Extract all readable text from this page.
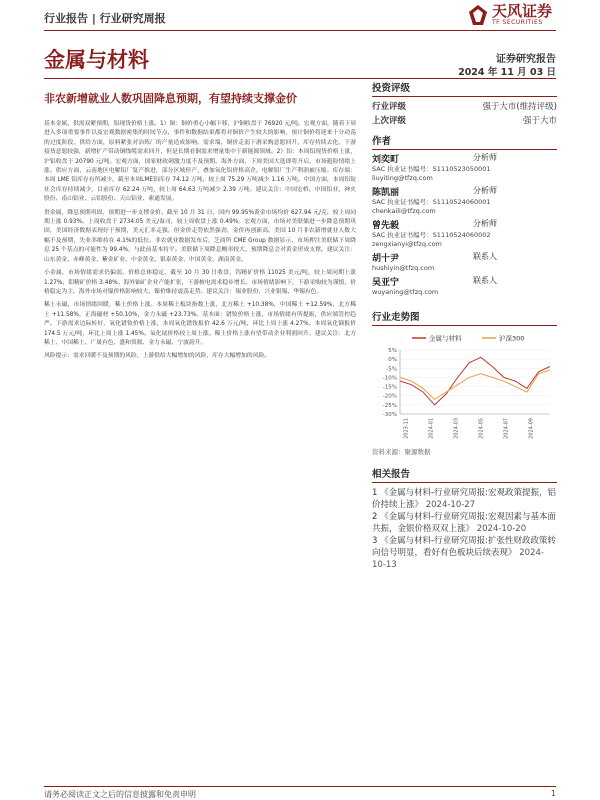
行业报告 | 行业研究周报	天风证券
TF SECURITIES
金属与材料	证券研究报告
2024 年 11 月 03 日
非农新增就业人数巩固降息预期，有望持续支撑金价

基本金属，供需双紧预期，铝现货价格上涨。1）铜：铜价重心小幅下移，沪铜收盘于 76920 元/吨。宏观方面，随着下周进入多项重要事件以及宏观数据密集的时间节点，事件和数据结果都将对铜价产生较大的影响，预计铜价将迎来十分动荡的过度阶段。供给方面，原料紧张对冶炼厂的产量造成影响。需求端，铜价走弱下游采购意愿回升，库存持续去化。下游接货意愿较强，新增扩产带动铜线缆需求回升，但是长期看铜需求增量集中于新能源领域。2）铝：本周铝现货价格上涨，沪铝收盘于 20790 元/吨。宏观方面，国家财政刺激力度不及预期。海外方面，下周美国大选即将开启，市场避险情绪上涨。供应方面，云南地区电解铝厂复产推进，部分区域停产，叠加氧化铝价格高企，电解铝厂生产利润被压缩。库存端：本周 LME 铝库存有所减少，截至本周LME铝库存 74.12 万吨，较上周 75.29 万吨减少 1.16 万吨。中国方面，本周铝锭社会库存持续减少，目前库存 62.24 万吨，较上周 64.63 万吨减少 2.39 万吨。建议关注：中国宏桥、中国铝业、神火股份、南山铝业、云铝股份、天山铝业、索通发展。

贵金属，降息预期巩固，预期进一步支撑金价。截至 10 月 31 日，国内 99.95%黄金市场均价 627.94 元/克，较上周同期上涨 0.93%。上周收盘于 2734.05 美元/盎司，较上周收盘上涨 0.49%。宏观方面，市场对美联储进一步降息预期巩固，美国经济数据表现好于预期，美元汇率走强，但金价走势依然强劲，金价再创新高。美国 10 月非农新增就业人数大幅不及预期，失业率维持在 4.1%的低位。非农就业数据发布后，芝商所 CME Group 数据显示，市场押注美联储下周降息 25 个基点的可能性为 99.4%，与此前基本持平。美联储下周降息概率较大，预期降息会对黄金形成支撑。建议关注：山东黄金、赤峰黄金、紫金矿业、中金黄金、银泰黄金、中国黄金、湖南黄金。

小金属，市场情绪需求仍偏弱，价格总体稳定。截至 10 月 30 日收盘，钨精矿价格 11025 美元/吨，较上周同期上涨 1.27%，钼精矿价格 3.48%。海外铀矿企业产能扩张，下游核电需求稳步增长。市场情绪影响下，下游采购较为谨慎，价格稳定为主。海外市场对镍价格影响较大，镍价维持震荡走势。建议关注：锡业股份、兴业银锡、华锡有色。

稀土永磁，市场情绪回暖，稀土价格上涨。本周稀土板块指数上涨，北方稀土 +10.38%，中国稀土 +12.59%，北方稀土 +11.58%，正海磁材 +50.10%，金力永磁 +23.73%。基本面：镨钕价格上涨，市场情绪有所提振，供应端管控趋严。下游需求边际转好，氧化镨钕价格上涨，本周氧化镨钕报价 42.6 万元/吨，环比上周上涨 4.27%。本周氧化镝报价 174.5 万元/吨，环比上周上涨 1.45%。氧化铽价格较上周上涨。稀土价格上涨有望带动企业利润回升。建议关注：北方稀土、中国稀土、广晟有色、盛和资源、金力永磁、宁波韵升。

风险提示：需求回暖不及预期的风险，上游供给大幅增加的风险，库存大幅增加的风险。

投资评级
行业评级	强于大市(维持评级)
上次评级	强于大市
作者
刘奕町	分析师
SAC 执业证书编号：S1110523050001
liuyiting@tfzq.com
陈凯丽	分析师
SAC 执业证书编号：S1110524060001
chenkaili@tfzq.com
曾先毅	分析师
SAC 执业证书编号：S1110524060002
zengxianyi@tfzq.com
胡十尹	联系人
hushiyin@tfzq.com
吴亚宁	联系人
wuyaning@tfzq.com
行业走势图
金属与材料	沪深300
5%
0%
-5%
-10%
-15%
-20%
-25%
-30%
2023-11	2024-01	2024-03	2024-05	2024-07	2024-09
资料来源：聚源数据
相关报告
1 《金属与材料-行业研究周报:宏观政策提振，铝价持续上涨》 2024-10-27
2 《金属与材料-行业研究周报:宏观因素与基本面共振，金银价格双双上涨》 2024-10-20
3 《金属与材料-行业研究周报:扩张性财政政策转向信号明显，看好有色板块后续表现》 2024-10-13
请务必阅读正文之后的信息披露和免责申明	1
